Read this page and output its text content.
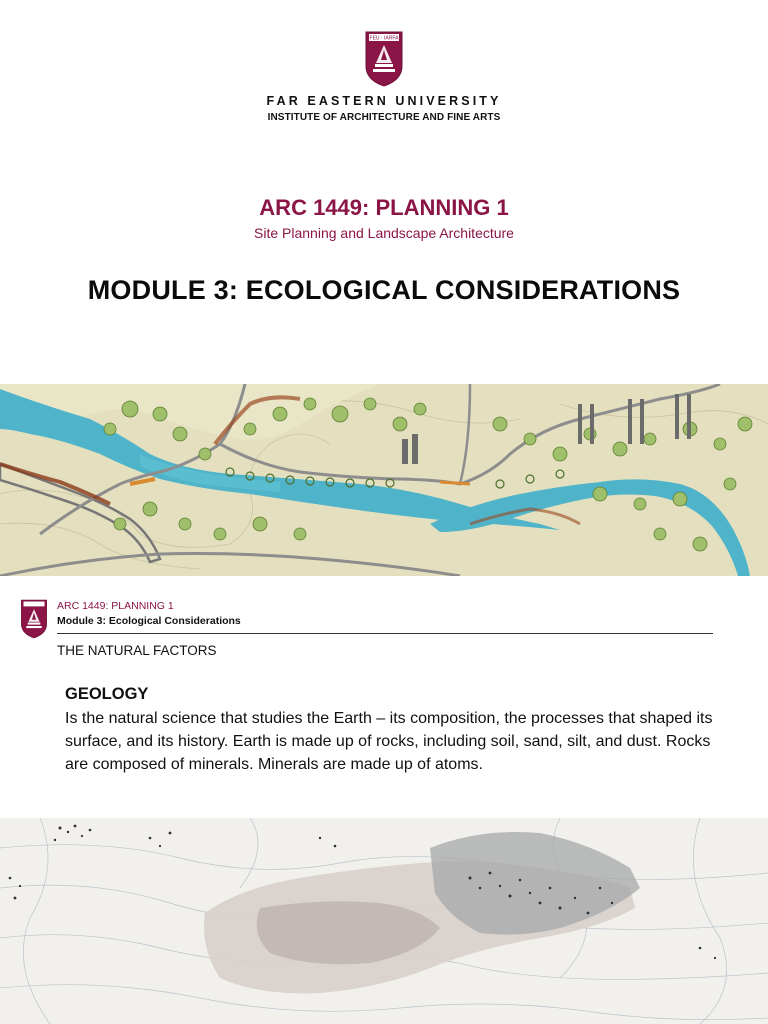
FEU · IARFA
FAR EASTERN UNIVERSITY
INSTITUTE OF ARCHITECTURE AND FINE ARTS
ARC 1449: PLANNING 1
Site Planning and Landscape Architecture
MODULE 3: ECOLOGICAL CONSIDERATIONS
ARC 1449: PLANNING 1
Module 3: Ecological Considerations
THE NATURAL FACTORS
GEOLOGY
Is the natural science that studies the Earth – its composition, the processes that shaped its surface, and its history. Earth is made up of rocks, including soil, sand, silt, and dust. Rocks are composed of minerals. Minerals are made up of atoms.
